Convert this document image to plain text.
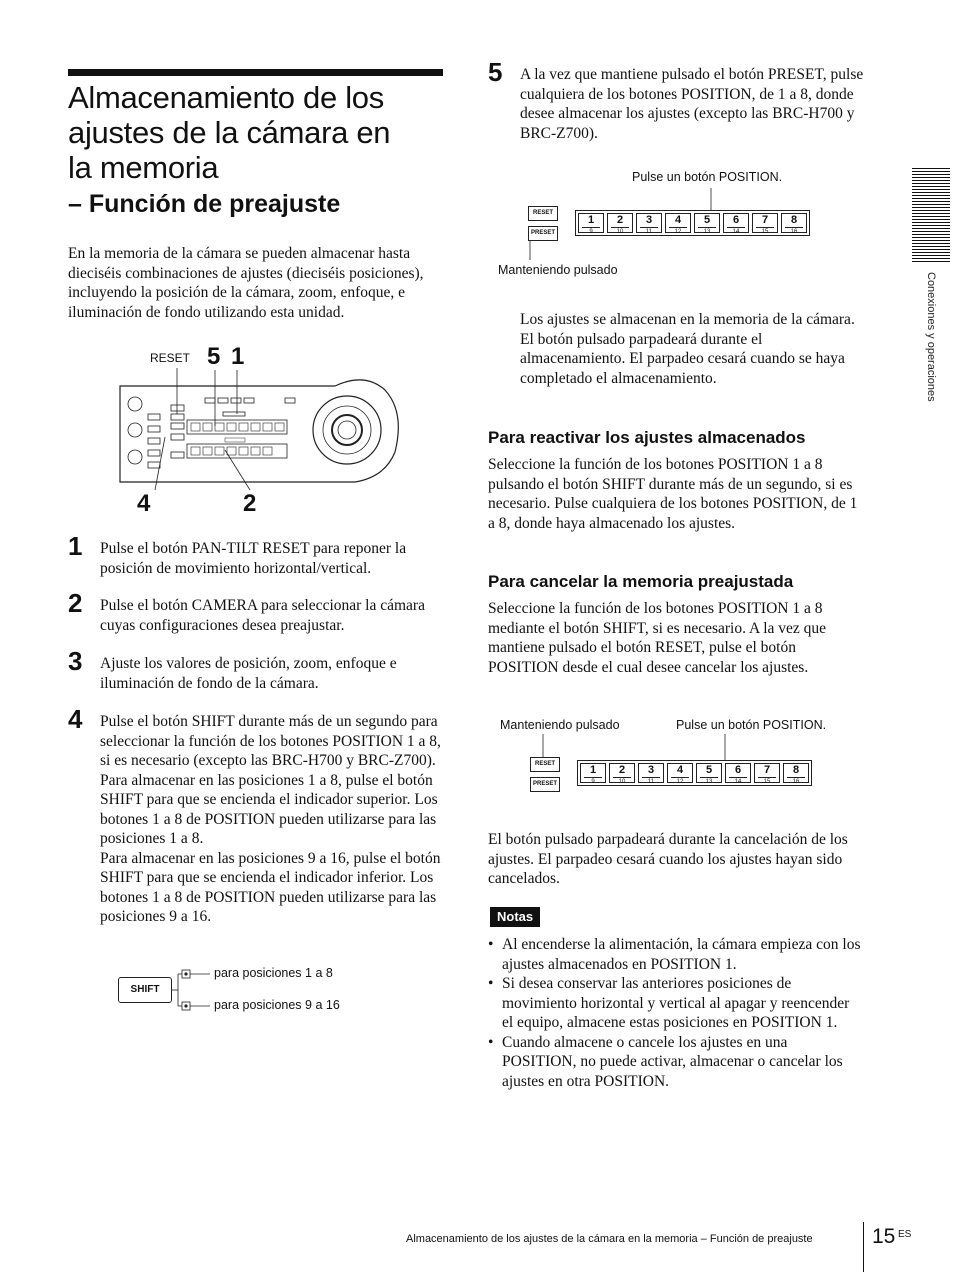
Almacenamiento de los
ajustes de la cámara en
la memoria
– Función de preajuste

En la memoria de la cámara se pueden almacenar hasta dieciséis combinaciones de ajustes (dieciséis posiciones), incluyendo la posición de la cámara, zoom, enfoque, e iluminación de fondo utilizando esta unidad.

RESET 5 1
4	2
1 Pulse el botón PAN-TILT RESET para reponer la posición de movimiento horizontal/vertical.

2 Pulse el botón CAMERA para seleccionar la cámara cuyas configuraciones desea preajustar.

3 Ajuste los valores de posición, zoom, enfoque e iluminación de fondo de la cámara.

4 Pulse el botón SHIFT durante más de un segundo para seleccionar la función de los botones POSITION 1 a 8, si es necesario (excepto las BRC-H700 y BRC-Z700).

Para almacenar en las posiciones 1 a 8, pulse el botón SHIFT para que se encienda el indicador superior. Los botones 1 a 8 de POSITION pueden utilizarse para las posiciones 1 a 8.

Para almacenar en las posiciones 9 a 16, pulse el botón SHIFT para que se encienda el indicador inferior. Los botones 1 a 8 de POSITION pueden utilizarse para las posiciones 9 a 16.

SHIFT
para posiciones 1 a 8
para posiciones 9 a 16
5 A la vez que mantiene pulsado el botón PRESET, pulse cualquiera de los botones POSITION, de 1 a 8, donde desee almacenar los ajustes (excepto las BRC-H700 y BRC-Z700).

Pulse un botón POSITION.
Manteniendo pulsado
RESET
PRESET
1
9
2
10
3
11
4
12
5
13
6
14
7
15
8
16

Los ajustes se almacenan en la memoria de la cámara.

El botón pulsado parpadeará durante el almacenamiento. El parpadeo cesará cuando se haya completado el almacenamiento.

Para reactivar los ajustes almacenados

Seleccione la función de los botones POSITION 1 a 8 pulsando el botón SHIFT durante más de un segundo, si es necesario. Pulse cualquiera de los botones POSITION, de 1 a 8, donde haya almacenado los ajustes.

Para cancelar la memoria preajustada

Seleccione la función de los botones POSITION 1 a 8 mediante el botón SHIFT, si es necesario. A la vez que mantiene pulsado el botón RESET, pulse el botón POSITION desde el cual desee cancelar los ajustes.

Manteniendo pulsado	Pulse un botón POSITION.
RESET
PRESET
1
9
2
10
3
11
4
12
5
13
6
14
7
15
8
16

El botón pulsado parpadeará durante la cancelación de los ajustes. El parpadeo cesará cuando los ajustes hayan sido cancelados.

Notas
• Al encenderse la alimentación, la cámara empieza con los ajustes almacenados en POSITION 1.
• Si desea conservar las anteriores posiciones de movimiento horizontal y vertical al apagar y reencender el equipo, almacene estas posiciones en POSITION 1.
• Cuando almacene o cancele los ajustes en una POSITION, no puede activar, almacenar o cancelar los ajustes en otra POSITION.
Conexiones y operaciones
Almacenamiento de los ajustes de la cámara en la memoria – Función de preajuste	15 ES
